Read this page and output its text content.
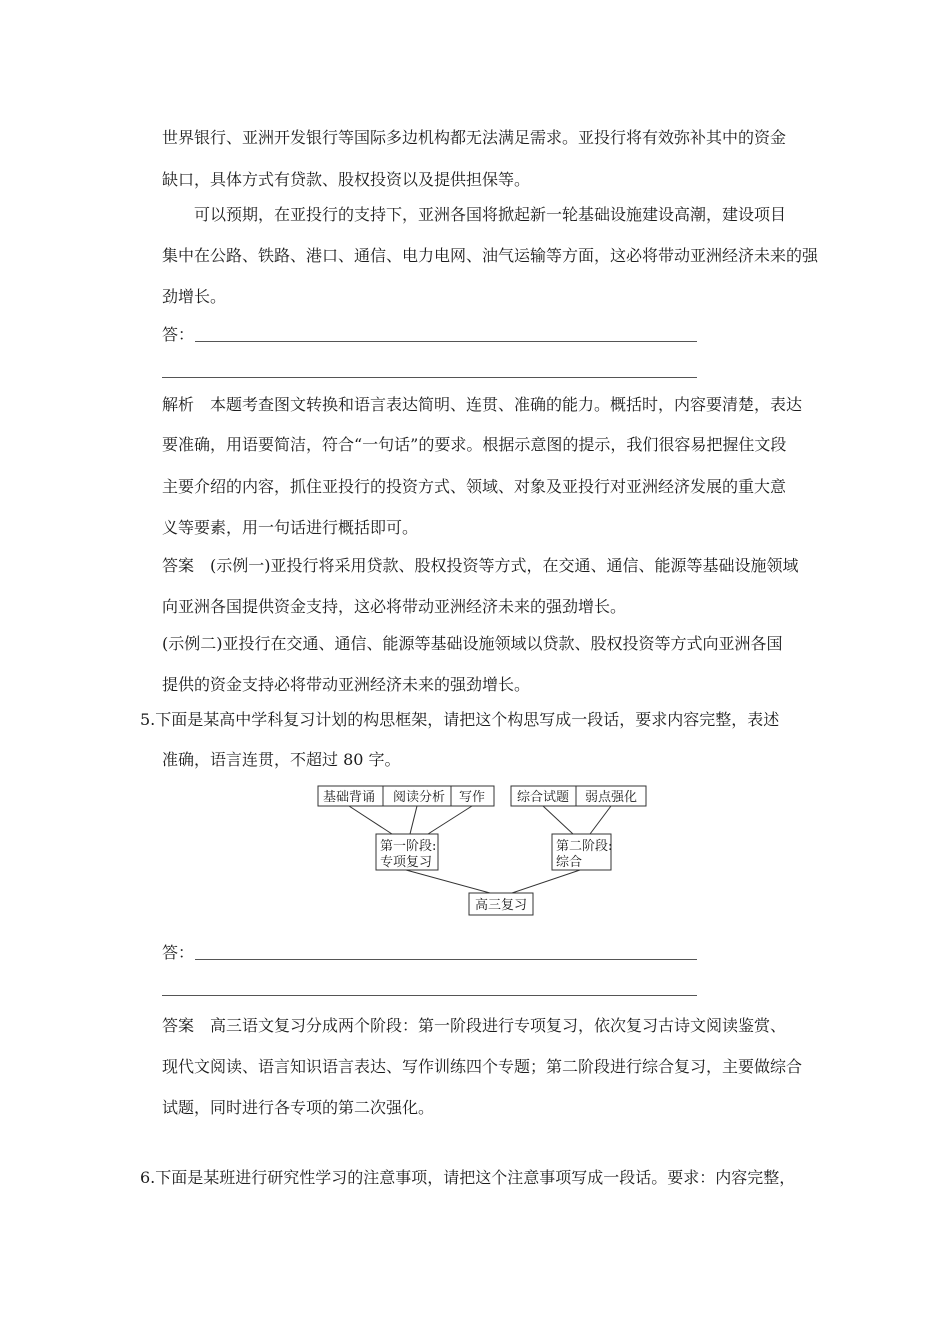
世界银行、亚洲开发银行等国际多边机构都无法满足需求。亚投行将有效弥补其中的资金
缺口，具体方式有贷款、股权投资以及提供担保等。
可以预期，在亚投行的支持下，亚洲各国将掀起新一轮基础设施建设高潮，建设项目
集中在公路、铁路、港口、通信、电力电网、油气运输等方面，这必将带动亚洲经济未来的强
劲增长。
答：
解析 本题考查图文转换和语言表达简明、连贯、准确的能力。概括时，内容要清楚，表达
要准确，用语要简洁，符合“一句话”的要求。根据示意图的提示，我们很容易把握住文段
主要介绍的内容，抓住亚投行的投资方式、领域、对象及亚投行对亚洲经济发展的重大意
义等要素，用一句话进行概括即可。
答案 (示例一)亚投行将采用贷款、股权投资等方式，在交通、通信、能源等基础设施领域
向亚洲各国提供资金支持，这必将带动亚洲经济未来的强劲增长。
(示例二)亚投行在交通、通信、能源等基础设施领域以贷款、股权投资等方式向亚洲各国
提供的资金支持必将带动亚洲经济未来的强劲增长。
5.下面是某高中学科复习计划的构思框架，请把这个构思写成一段话，要求内容完整，表述
准确，语言连贯，不超过 80 字。
基础背诵 阅读分析 写作 综合试题 弱点强化
第一阶段:
专项复习
第二阶段:
综合
高三复习
答：
答案 高三语文复习分成两个阶段：第一阶段进行专项复习，依次复习古诗文阅读鉴赏、
现代文阅读、语言知识语言表达、写作训练四个专题；第二阶段进行综合复习，主要做综合
试题，同时进行各专项的第二次强化。
6.下面是某班进行研究性学习的注意事项，请把这个注意事项写成一段话。要求：内容完整，
